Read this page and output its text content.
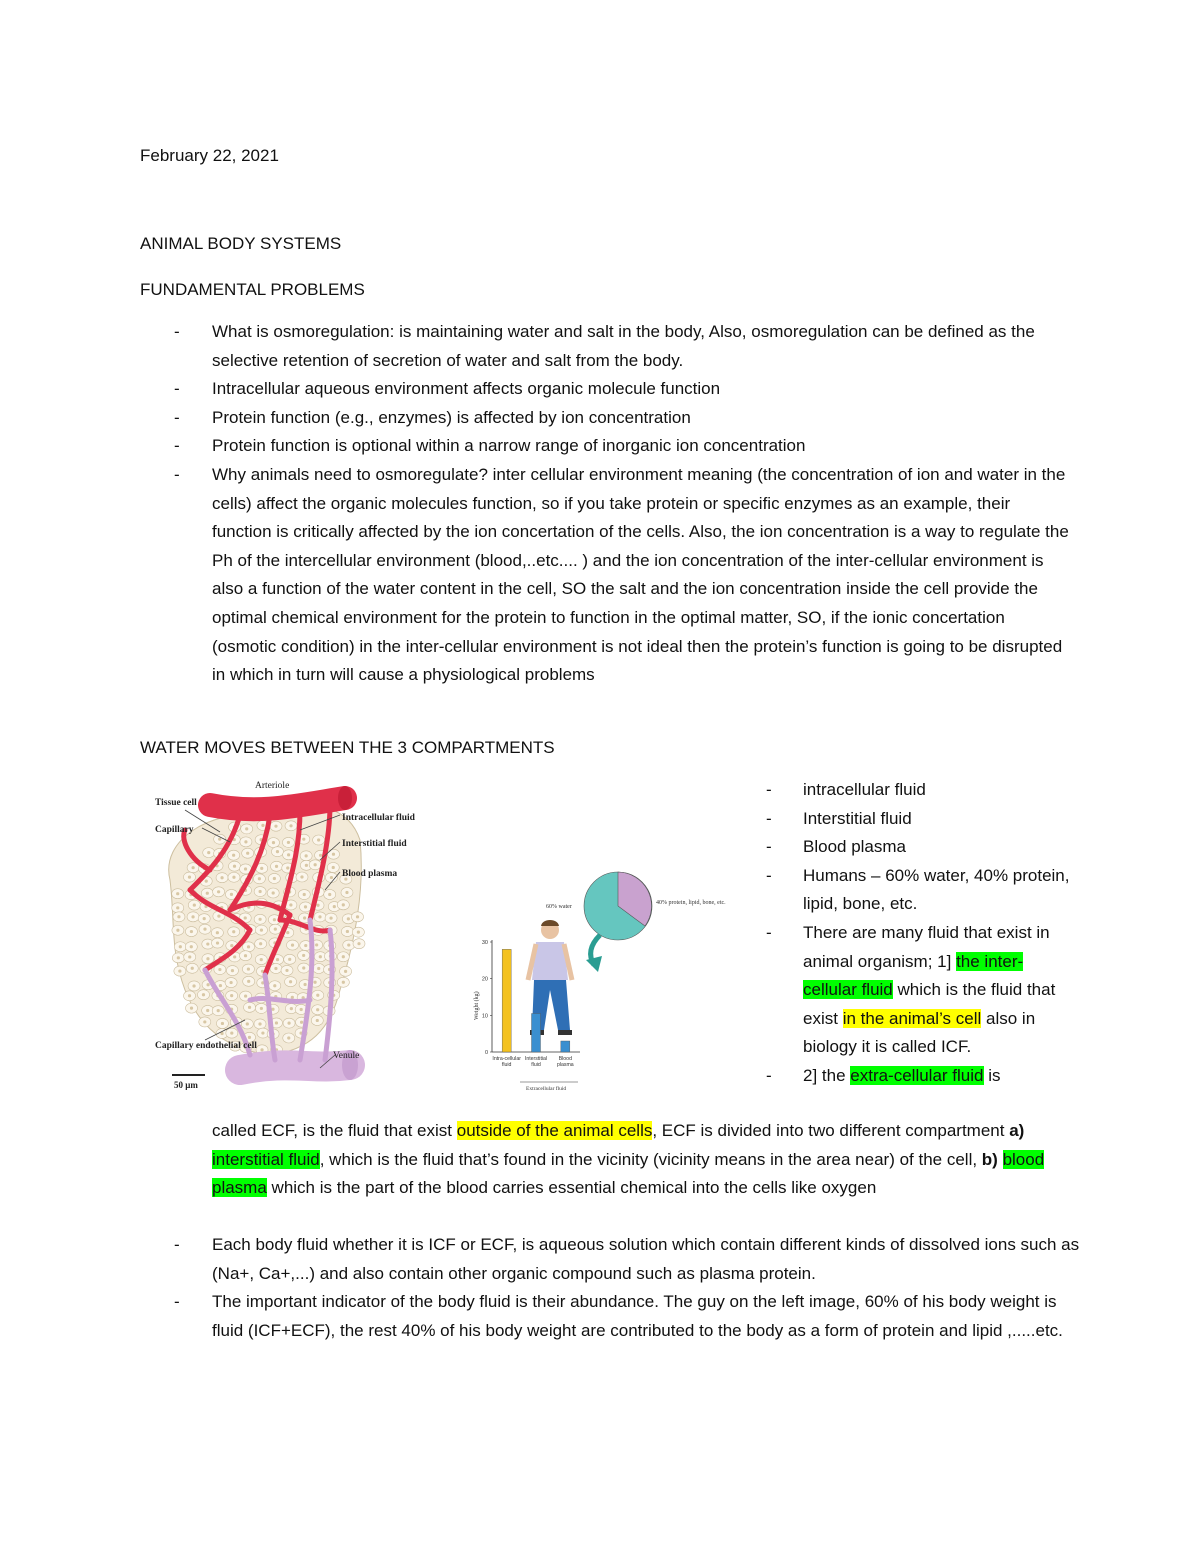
February 22, 2021
ANIMAL BODY SYSTEMS
FUNDAMENTAL PROBLEMS
- What is osmoregulation: is maintaining water and salt in the body, Also, osmoregulation can be defined as the selective retention of secretion of water and salt from the body.
- Intracellular aqueous environment affects organic molecule function
- Protein function (e.g., enzymes) is affected by ion concentration
- Protein function is optional within a narrow range of inorganic ion concentration
- Why animals need to osmoregulate? inter cellular environment meaning (the concentration of ion and water in the cells) affect the organic molecules function, so if you take protein or specific enzymes as an example, their function is critically affected by the ion concertation of the cells. Also, the ion concentration is a way to regulate the Ph of the intercellular environment (blood,..etc.... ) and the ion concentration of the inter-cellular environment is also a function of the water content in the cell, SO the salt and the ion concentration inside the cell provide the optimal chemical environment for the protein to function in the optimal matter, SO, if the ionic concertation (osmotic condition) in the inter-cellular environment is not ideal then the protein’s function is going to be disrupted in which in turn will cause a physiological problems
WATER MOVES BETWEEN THE 3 COMPARTMENTS
Arteriole
Tissue cell
Capillary
Intracellular fluid
Interstitial fluid
Blood plasma
Capillary endothelial cell
Venule
50 μm
60% water
40% protein, lipid, bone, etc.
Weight (kg)
0
10
20
30
Intra-cellular
fluid
Interstitial
fluid
Blood
plasma
Extracellular fluid
- intracellular fluid
- Interstitial fluid
- Blood plasma
- Humans – 60% water, 40% protein, lipid, bone, etc.
- There are many fluid that exist in animal organism; 1] the inter-cellular fluid which is the fluid that exist in the animal’s cell also in biology it is called ICF.
- 2] the extra-cellular fluid is
called ECF, is the fluid that exist outside of the animal cells, ECF is divided into two different compartment a) interstitial fluid, which is the fluid that’s found in the vicinity (vicinity means in the area near) of the cell, b) blood plasma which is the part of the blood carries essential chemical into the cells like oxygen
- Each body fluid whether it is ICF or ECF, is aqueous solution which contain different kinds of dissolved ions such as (Na+, Ca+,...) and also contain other organic compound such as plasma protein.
- The important indicator of the body fluid is their abundance. The guy on the left image, 60% of his body weight is fluid (ICF+ECF), the rest 40% of his body weight are contributed to the body as a form of protein and lipid ,.....etc.
